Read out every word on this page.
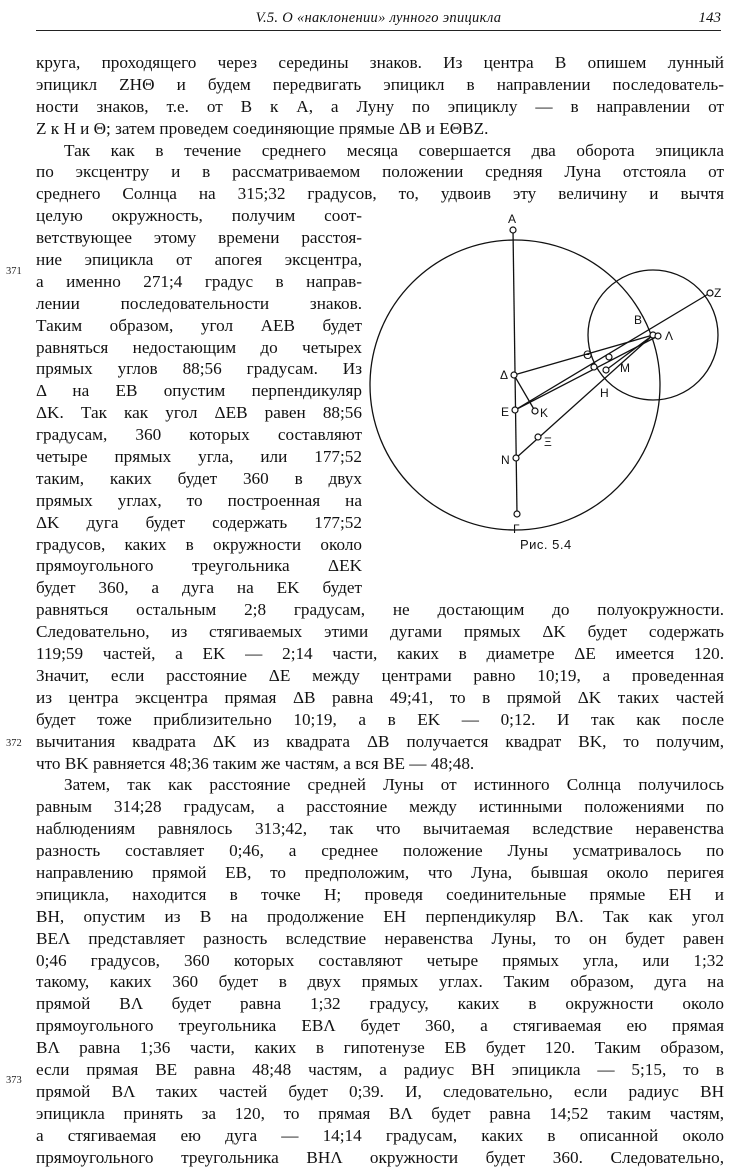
V.5. О «наклонении» лунного эпицикла	143
371
372
373
круга, проходящего через середины знаков. Из центра B опишем лунный
эпицикл ZHΘ и будем передвигать эпицикл в направлении последователь-
ности знаков, т.е. от B к A, а Луну по эпициклу — в направлении от
Z к H и Θ; затем проведем соединяющие прямые ΔB и EΘBZ.
Так как в течение среднего месяца совершается два оборота эпицикла
по эксцентру и в рассматриваемом положении средняя Луна отстояла от
среднего Солнца на 315;32 градусов, то, удвоив эту величину и вычтя
целую окружность, получим соот-
ветствующее этому времени расстоя-
ние эпицикла от апогея эксцентра,
а именно 271;4 градус в направ-
лении последовательности знаков.
Таким образом, угол AEB будет
равняться недостающим до четырех
прямых углов 88;56 градусам. Из
Δ на EB опустим перпендикуляр
ΔK. Так как угол ΔEB равен 88;56
градусам, 360 которых составляют
четыре прямых угла, или 177;52
таким, каких будет 360 в двух
прямых углах, то построенная на
ΔK дуга будет содержать 177;52
градусов, каких в окружности около
прямоугольного треугольника ΔEK
будет 360, а дуга на EK будет
равняться остальным 2;8 градусам, не достающим до полуокружности.
Следовательно, из стягиваемых этими дугами прямых ΔK будет содержать
119;59 частей, а EK — 2;14 части, каких в диаметре ΔE имеется 120.
Значит, если расстояние ΔE между центрами равно 10;19, а проведенная
из центра эксцентра прямая ΔB равна 49;41, то в прямой ΔK таких частей
будет тоже приблизительно 10;19, а в EK — 0;12. И так как после
вычитания квадрата ΔK из квадрата ΔB получается квадрат BK, то получим,
что BK равняется 48;36 таким же частям, а вся BE — 48;48.
Затем, так как расстояние средней Луны от истинного Солнца получилось
равным 314;28 градусам, а расстояние между истинными положениями по
наблюдениям равнялось 313;42, так что вычитаемая вследствие неравенства
разность составляет 0;46, а среднее положение Луны усматривалось по
направлению прямой EB, то предположим, что Луна, бывшая около перигея
эпицикла, находится в точке H; проведя соединительные прямые EH и
BH, опустим из B на продолжение EH перпендикуляр BΛ. Так как угол
BEΛ представляет разность вследствие неравенства Луны, то он будет равен
0;46 градусов, 360 которых составляют четыре прямых угла, или 1;32
такому, каких 360 будет в двух прямых углах. Таким образом, дуга на
прямой BΛ будет равна 1;32 градусу, каких в окружности около
прямоугольного треугольника EBΛ будет 360, а стягиваемая ею прямая
BΛ равна 1;36 части, каких в гипотенузе EB будет 120. Таким образом,
если прямая BE равна 48;48 частям, а радиус BH эпицикла — 5;15, то в
прямой BΛ таких частей будет 0;39. И, следовательно, если радиус BH
эпицикла принять за 120, то прямая BΛ будет равна 14;52 таким частям,
а стягиваемая ею дуга — 14;14 градусам, каких в описанной около
прямоугольного треугольника BHΛ окружности будет 360. Следовательно,
A
Z
B
Λ
Θ
M
H
Δ
E	K
Ξ
N
Γ
Рис. 5.4
